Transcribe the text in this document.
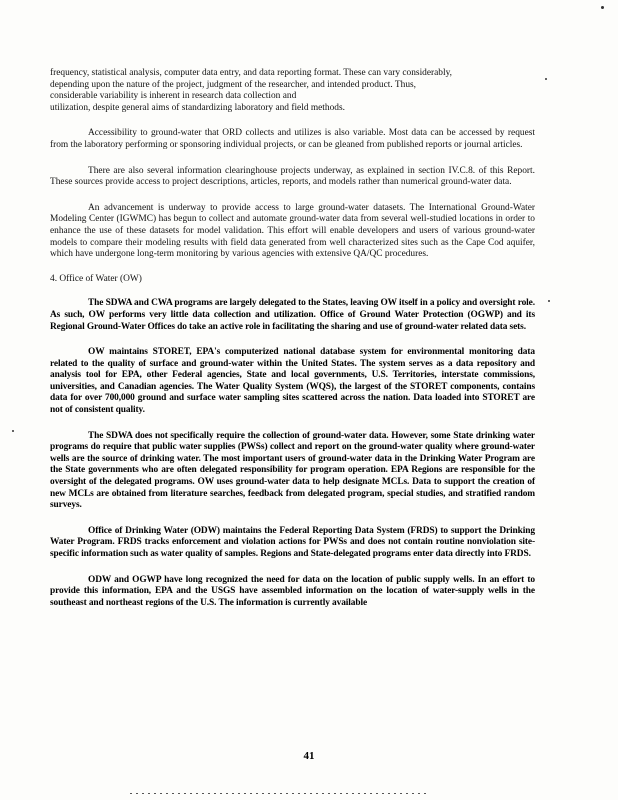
frequency, statistical analysis, computer data entry, and data reporting format. These can vary considerably,
depending upon the nature of the project, judgment of the researcher, and intended product. Thus,
considerable variability is inherent in research data collection and
utilization, despite general aims of standardizing laboratory and field methods.

Accessibility to ground-water that ORD collects and utilizes is also variable. Most data can be accessed by request from the laboratory performing or sponsoring individual projects, or can be gleaned from published reports or journal articles.

There are also several information clearinghouse projects underway, as explained in section IV.C.8. of this Report. These sources provide access to project descriptions, articles, reports, and models rather than numerical ground-water data.

An advancement is underway to provide access to large ground-water datasets. The International Ground-Water Modeling Center (IGWMC) has begun to collect and automate ground-water data from several well-studied locations in order to enhance the use of these datasets for model validation. This effort will enable developers and users of various ground-water models to compare their modeling results with field data generated from well characterized sites such as the Cape Cod aquifer, which have undergone long-term monitoring by various agencies with extensive QA/QC procedures.

4. Office of Water (OW)

The SDWA and CWA programs are largely delegated to the States, leaving OW itself in a policy and oversight role. As such, OW performs very little data collection and utilization. Office of Ground Water Protection (OGWP) and its Regional Ground-Water Offices do take an active role in facilitating the sharing and use of ground-water related data sets.

OW maintains STORET, EPA's computerized national database system for environmental monitoring data related to the quality of surface and ground-water within the United States. The system serves as a data repository and analysis tool for EPA, other Federal agencies, State and local governments, U.S. Territories, interstate commissions, universities, and Canadian agencies. The Water Quality System (WQS), the largest of the STORET components, contains data for over 700,000 ground and surface water sampling sites scattered across the nation. Data loaded into STORET are not of consistent quality.

The SDWA does not specifically require the collection of ground-water data. However, some State drinking water programs do require that public water supplies (PWSs) collect and report on the ground-water quality where ground-water wells are the source of drinking water. The most important users of ground-water data in the Drinking Water Program are the State governments who are often delegated responsibility for program operation. EPA Regions are responsible for the oversight of the delegated programs. OW uses ground-water data to help designate MCLs. Data to support the creation of new MCLs are obtained from literature searches, feedback from delegated program, special studies, and stratified random surveys.

Office of Drinking Water (ODW) maintains the Federal Reporting Data System (FRDS) to support the Drinking Water Program. FRDS tracks enforcement and violation actions for PWSs and does not contain routine nonviolation site-specific information such as water quality of samples. Regions and State-delegated programs enter data directly into FRDS.

ODW and OGWP have long recognized the need for data on the location of public supply wells. In an effort to provide this information, EPA and the USGS have assembled information on the location of water-supply wells in the southeast and northeast regions of the U.S. The information is currently available

41
